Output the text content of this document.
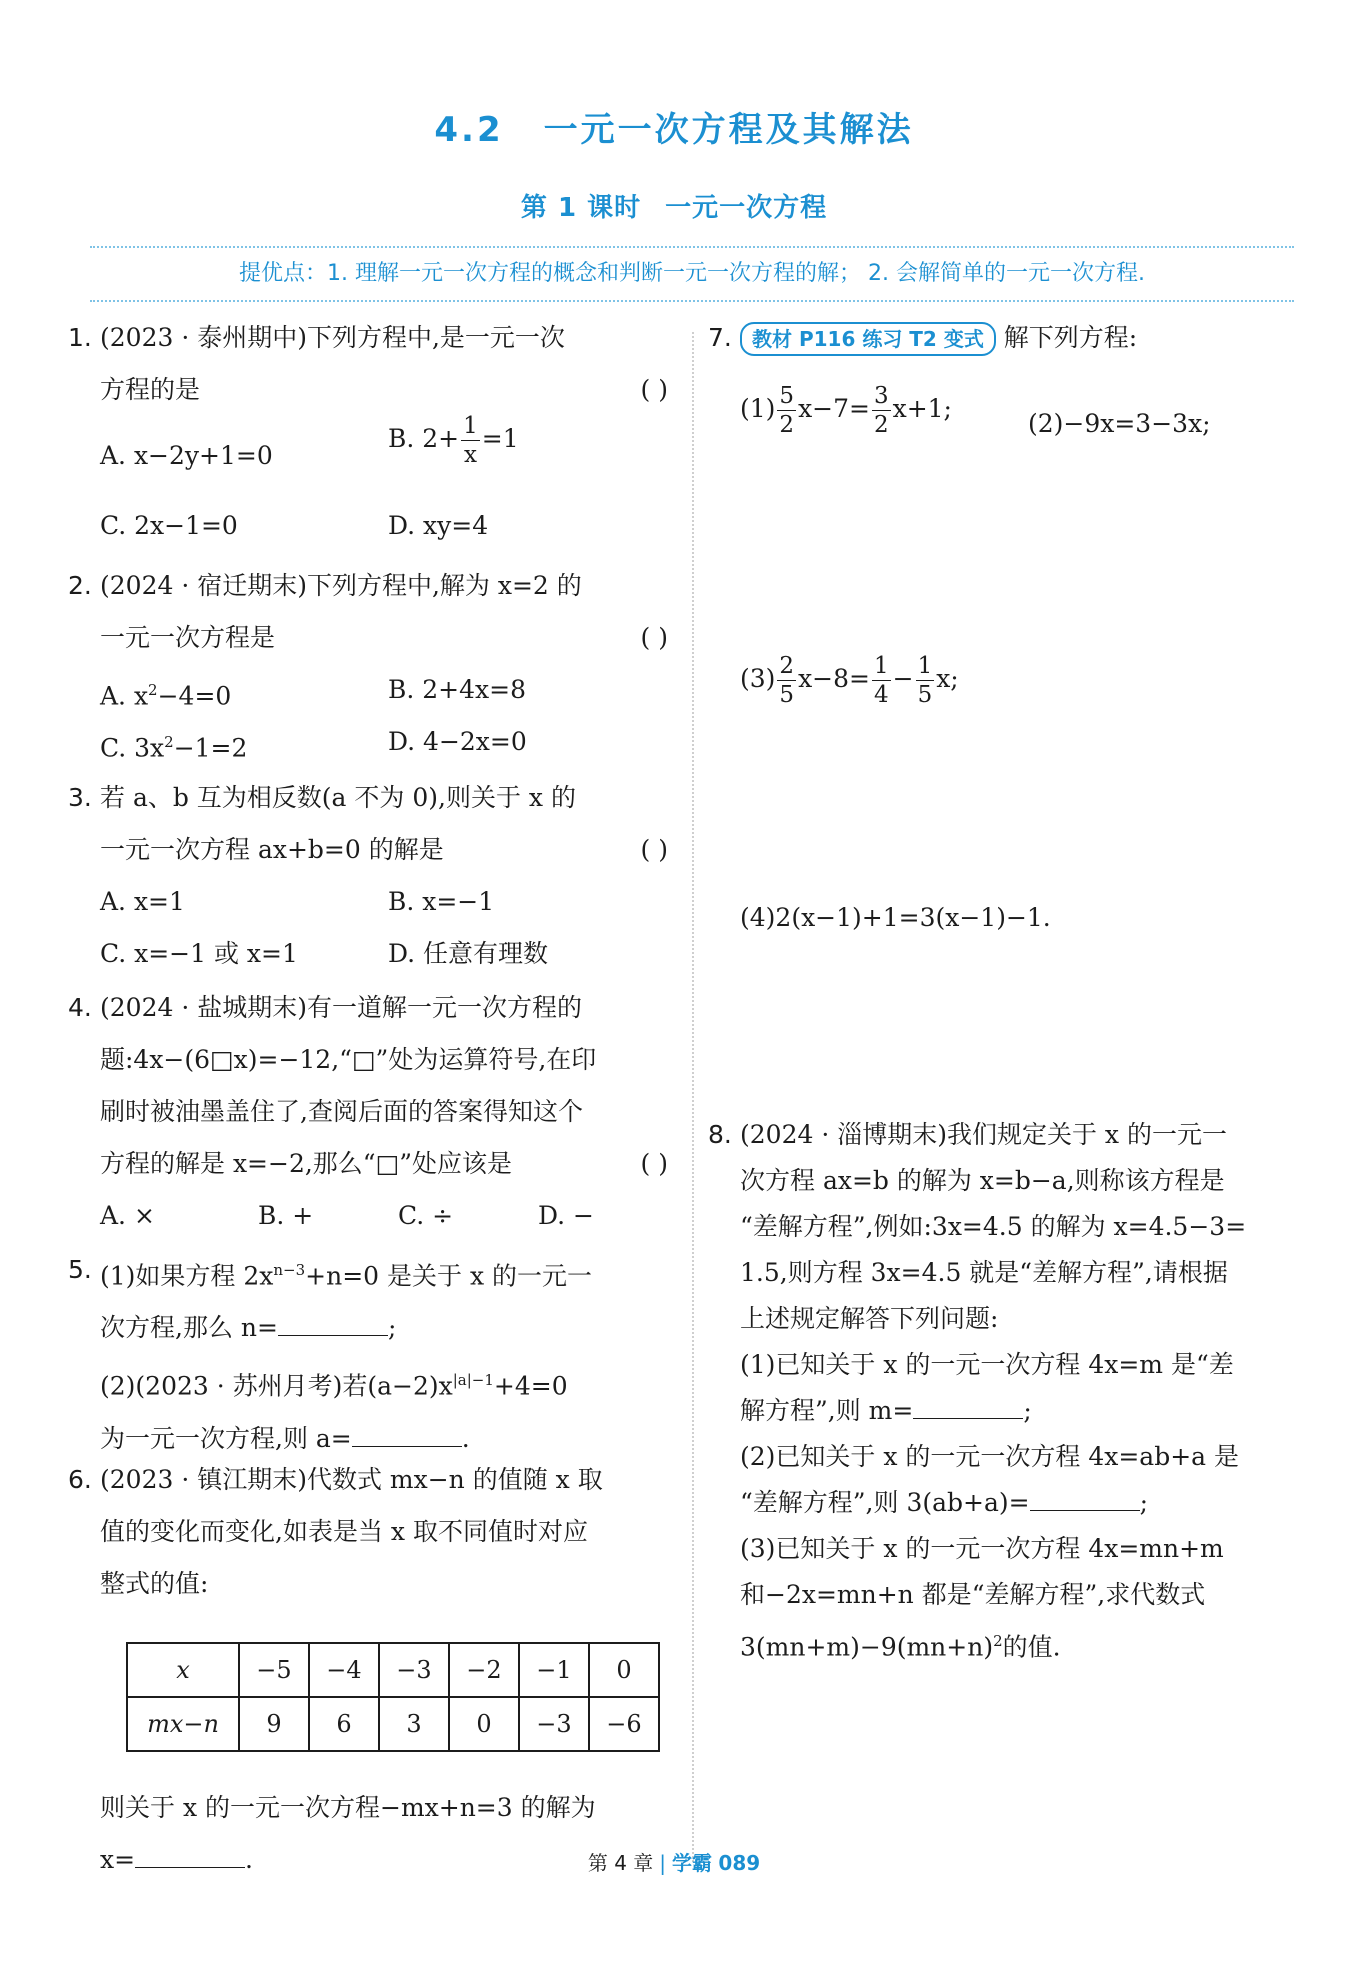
4.2 一元一次方程及其解法
第 1 课时 一元一次方程
提优点：1. 理解一元一次方程的概念和判断一元一次方程的解； 2. 会解简单的一元一次方程.
1. (2023 · 泰州期中)下列方程中,是一元一次
方程的是	( )
A. x−2y+1=0
B. $2+ \frac{1}{x} =1$
C. 2x−1=0	D. xy=4
2. (2024 · 宿迁期末)下列方程中,解为 x=2 的
一元一次方程是	( )
A. $x^2-4=0$	B. 2+4x=8
C. $3x^2-1=2$	D. 4−2x=0
3. 若 a、b 互为相反数(a 不为 0),则关于 x 的
一元一次方程 ax+b=0 的解是	( )
A. x=1	B. x=−1
C. x=−1 或 x=1	D. 任意有理数
4. (2024 · 盐城期末)有一道解一元一次方程的
题:4x−(6□x)=−12,“□”处为运算符号,在印
刷时被油墨盖住了,查阅后面的答案得知这个
方程的解是 x=−2,那么“□”处应该是	( )
A. ×	B. +	C. ÷	D. −
5. (1)如果方程 $2x^{n-3}+n=0$ 是关于 x 的一元一
次方程,那么 n=	;
(2)(2023 · 苏州月考)若$(a-2)x^{|a|-1}+4=0$
为一元一次方程,则 a=	.
6. (2023 · 镇江期末)代数式 mx−n 的值随 x 取
值的变化而变化,如表是当 x 取不同值时对应
整式的值:
x	−5	−4	−3	−2	−1	0
mx−n	9	6	3	0	−3	−6
则关于 x 的一元一次方程−mx+n=3 的解为
x=	.
7.	教材 P116 练习 T2 变式 解下列方程:
$(1) \frac{5}{2} x-7= \frac{3}{2} x+1$;
(2)−9x=3−3x;
$(3) \frac{2}{5} x-8= \frac{1}{4} - \frac{1}{5} x$;
(4)2(x−1)+1=3(x−1)−1.
8. (2024 · 淄博期末)我们规定关于 x 的一元一
次方程 ax=b 的解为 x=b−a,则称该方程是
“差解方程”,例如:3x=4.5 的解为 x=4.5−3=
1.5,则方程 3x=4.5 就是“差解方程”,请根据
上述规定解答下列问题:
(1)已知关于 x 的一元一次方程 4x=m 是“差
解方程”,则 m=	;
(2)已知关于 x 的一元一次方程 4x=ab+a 是
“差解方程”,则 3(ab+a)=	;
(3)已知关于 x 的一元一次方程 4x=mn+m
和−2x=mn+n 都是“差解方程”,求代数式
$3(mn+m)-9(mn+n)^2$的值.
第 4 章 | 学霸 089
